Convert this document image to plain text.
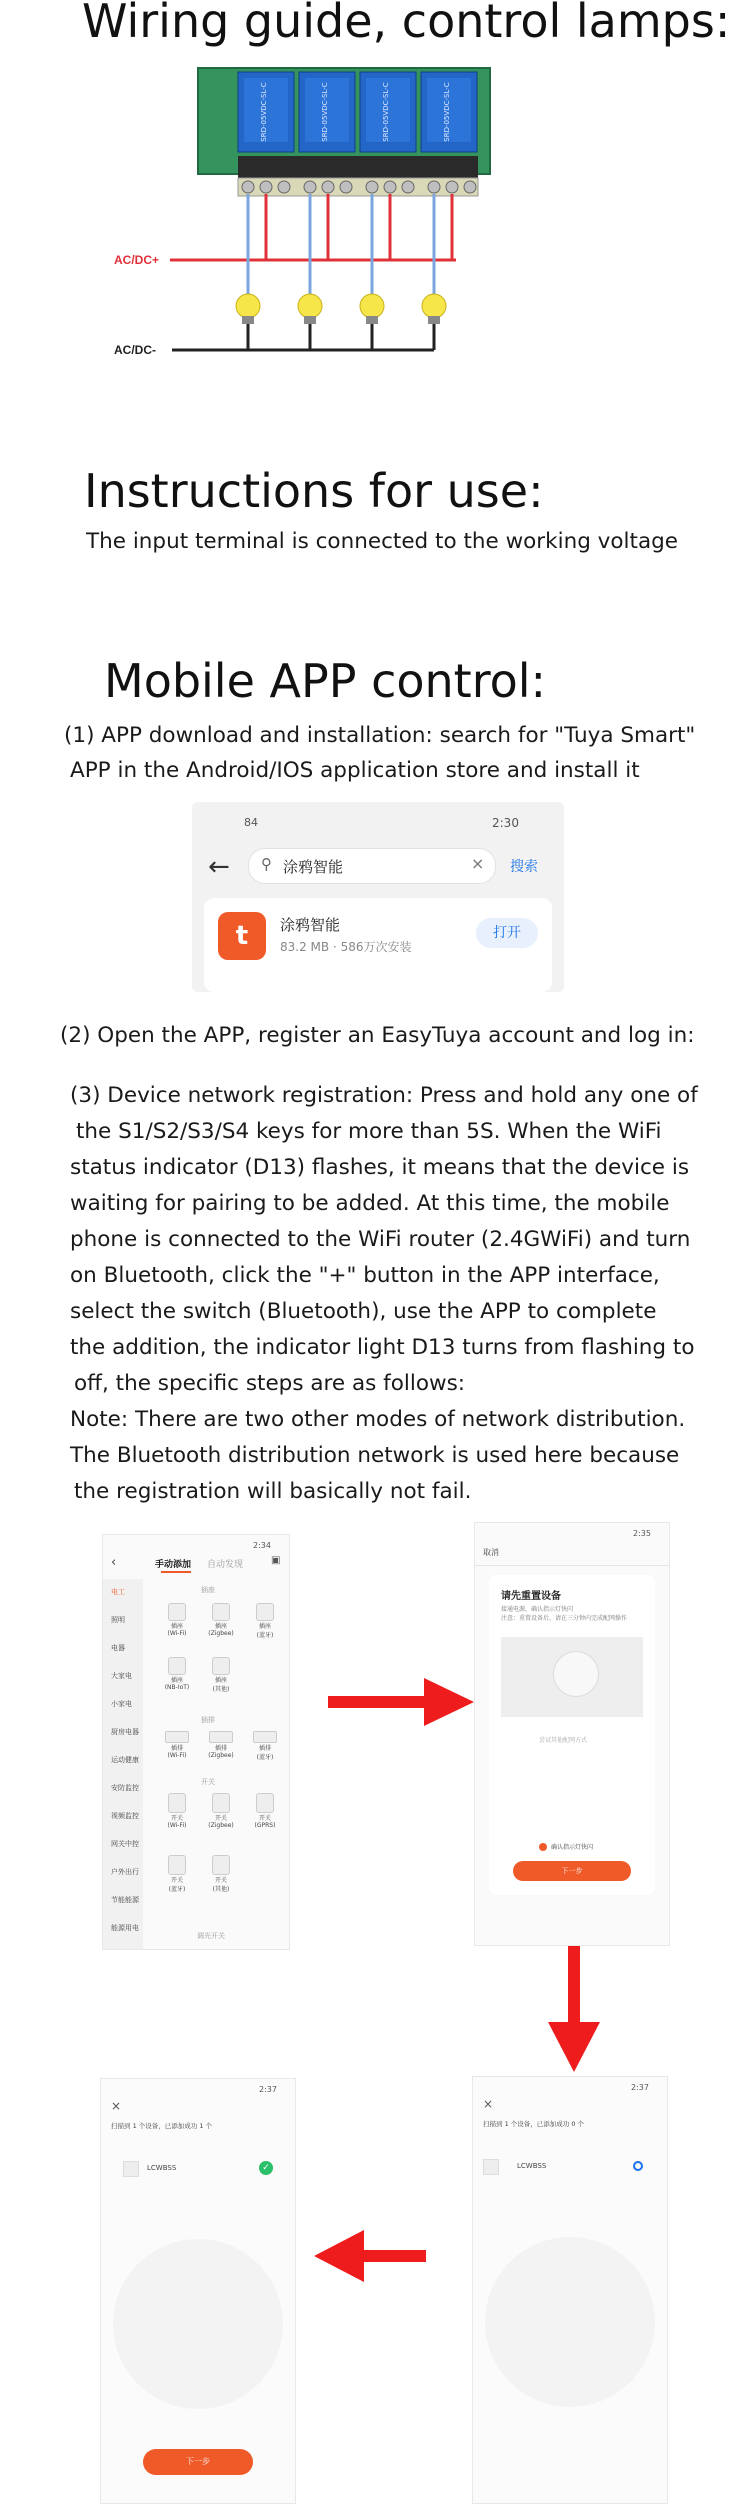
Wiring guide, control lamps:
SRD-05VDC-SL-C	SRD-05VDC-SL-C	SRD-05VDC-SL-C	SRD-05VDC-SL-C
AC/DC+
AC/DC-
Instructions for use:
The input terminal is connected to the working voltage
Mobile APP control:
(1) APP download and installation: search for "Tuya Smart"
APP in the Android/IOS application store and install it
84	2:30
← ⚲ 涂鸦智能	× 搜索
t	涂鸦智能
83.2 MB · 586万次安装
打开
(2) Open the APP, register an EasyTuya account and log in:
(3) Device network registration: Press and hold any one of
the S1/S2/S3/S4 keys for more than 5S. When the WiFi
status indicator (D13) flashes, it means that the device is
waiting for pairing to be added. At this time, the mobile
phone is connected to the WiFi router (2.4GWiFi) and turn
on Bluetooth, click the "+" button in the APP interface,
select the switch (Bluetooth), use the APP to complete
the addition, the indicator light D13 turns from flashing to
off, the specific steps are as follows:
Note: There are two other modes of network distribution.
The Bluetooth distribution network is used here because
the registration will basically not fail.
2:34
‹	手动添加 自动发现	▣
电工
照明
电器
大家电
小家电
厨房电器
运动健康
安防监控
视频监控
网关中控
户外出行
节能能源
能源用电
插座
插排
开关
调光开关
插座
(Wi-Fi)
插座
(Zigbee)
插座
(蓝牙)
插座
(NB-IoT)
插座
(其他)
插排
(Wi-Fi)
插排
(Zigbee)
插排
(蓝牙)
开关
(Wi-Fi)
开关
(Zigbee)
开关
(GPRS)
开关
(蓝牙)
开关
(其他)
2:35
取消
请先重置设备
接通电源，确认指示灯快闪
注意：重置设备后，请在三分钟内完成配网操作
尝试其他配网方式
确认指示灯快闪
下一步
2:37
×
扫描到 1 个设备，已添加成功 0 个
LCWBSS
2:37
×
扫描到 1 个设备，已添加成功 1 个
LCWBSS	✓
下一步
